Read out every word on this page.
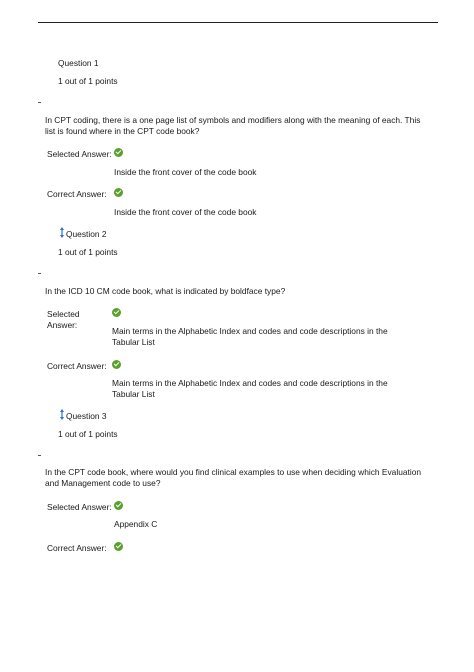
Question 1
1 out of 1 points
In CPT coding, there is a one page list of symbols and modifiers along with the meaning of each. This
list is found where in the CPT code book?
Selected Answer:
Inside the front cover of the code book
Correct Answer:
Inside the front cover of the code book
Question 2
1 out of 1 points
In the ICD 10 CM code book, what is indicated by boldface type?
Selected
Answer:
Main terms in the Alphabetic Index and codes and code descriptions in the
Tabular List
Correct Answer:
Main terms in the Alphabetic Index and codes and code descriptions in the
Tabular List
Question 3
1 out of 1 points
In the CPT code book, where would you find clinical examples to use when deciding which Evaluation
and Management code to use?
Selected Answer:
Appendix C
Correct Answer:
